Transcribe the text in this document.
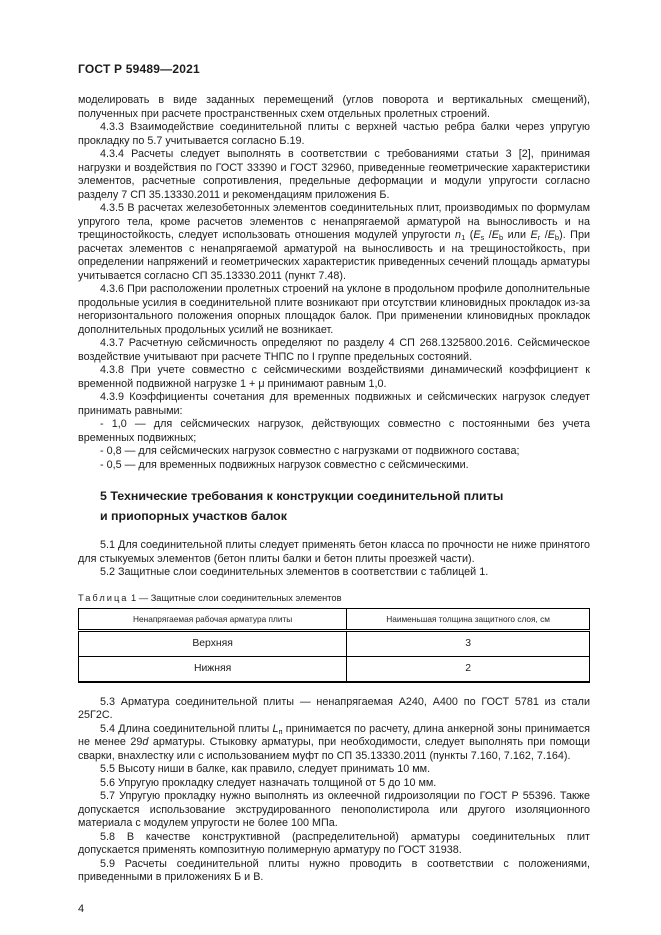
ГОСТ Р 59489—2021
моделировать в виде заданных перемещений (углов поворота и вертикальных смещений), полученных при расчете пространственных схем отдельных пролетных строений.
4.3.3 Взаимодействие соединительной плиты с верхней частью ребра балки через упругую прокладку по 5.7 учитывается согласно Б.19.
4.3.4 Расчеты следует выполнять в соответствии с требованиями статьи 3 [2], принимая нагрузки и воздействия по ГОСТ 33390 и ГОСТ 32960, приведенные геометрические характеристики элементов, расчетные сопротивления, предельные деформации и модули упругости согласно разделу 7 СП 35.13330.2011 и рекомендациям приложения Б.
4.3.5 В расчетах железобетонных элементов соединительных плит, производимых по формулам упругого тела, кроме расчетов элементов с ненапрягаемой арматурой на выносливость и на трещиностойкость, следует использовать отношения модулей упругости $n_1$ ($E_s$ $/E_b$ или $E_r$ $/E_b$). При расчетах элементов с ненапрягаемой арматурой на выносливость и на трещиностойкость, при определении напряжений и геометрических характеристик приведенных сечений площадь арматуры учитывается согласно СП 35.13330.2011 (пункт 7.48).
4.3.6 При расположении пролетных строений на уклоне в продольном профиле дополнительные продольные усилия в соединительной плите возникают при отсутствии клиновидных прокладок из-за негоризонтального положения опорных площадок балок. При применении клиновидных прокладок дополнительных продольных усилий не возникает.
4.3.7 Расчетную сейсмичность определяют по разделу 4 СП 268.1325800.2016. Сейсмическое воздействие учитывают при расчете ТНПС по I группе предельных состояний.
4.3.8 При учете совместно с сейсмическими воздействиями динамический коэффициент к временной подвижной нагрузке 1 + μ принимают равным 1,0.
4.3.9 Коэффициенты сочетания для временных подвижных и сейсмических нагрузок следует принимать равными:
- 1,0 — для сейсмических нагрузок, действующих совместно с постоянными без учета временных подвижных;
- 0,8 — для сейсмических нагрузок совместно с нагрузками от подвижного состава;
- 0,5 — для временных подвижных нагрузок совместно с сейсмическими.
5 Технические требования к конструкции соединительной плиты
и приопорных участков балок
5.1 Для соединительной плиты следует применять бетон класса по прочности не ниже принятого для стыкуемых элементов (бетон плиты балки и бетон плиты проезжей части).
5.2 Защитные слои соединительных элементов в соответствии с таблицей 1.
Таблица 1 — Защитные слои соединительных элементов
Ненапрягаемая рабочая арматура плиты	Наименьшая толщина защитного слоя, см
Верхняя	3
Нижняя	2
5.3 Арматура соединительной плиты — ненапрягаемая А240, А400 по ГОСТ 5781 из стали 25Г2С.
5.4 Длина соединительной плиты $L_п$ принимается по расчету, длина анкерной зоны принимается не менее 29d арматуры. Стыковку арматуры, при необходимости, следует выполнять при помощи сварки, внахлестку или с использованием муфт по СП 35.13330.2011 (пункты 7.160, 7.162, 7.164).
5.5 Высоту ниши в балке, как правило, следует принимать 10 мм.
5.6 Упругую прокладку следует назначать толщиной от 5 до 10 мм.
5.7 Упругую прокладку нужно выполнять из оклеечной гидроизоляции по ГОСТ Р 55396. Также допускается использование экструдированного пенополистирола или другого изоляционного материала с модулем упругости не более 100 МПа.
5.8 В качестве конструктивной (распределительной) арматуры соединительных плит допускается применять композитную полимерную арматуру по ГОСТ 31938.
5.9 Расчеты соединительной плиты нужно проводить в соответствии с положениями, приведенными в приложениях Б и В.
4
